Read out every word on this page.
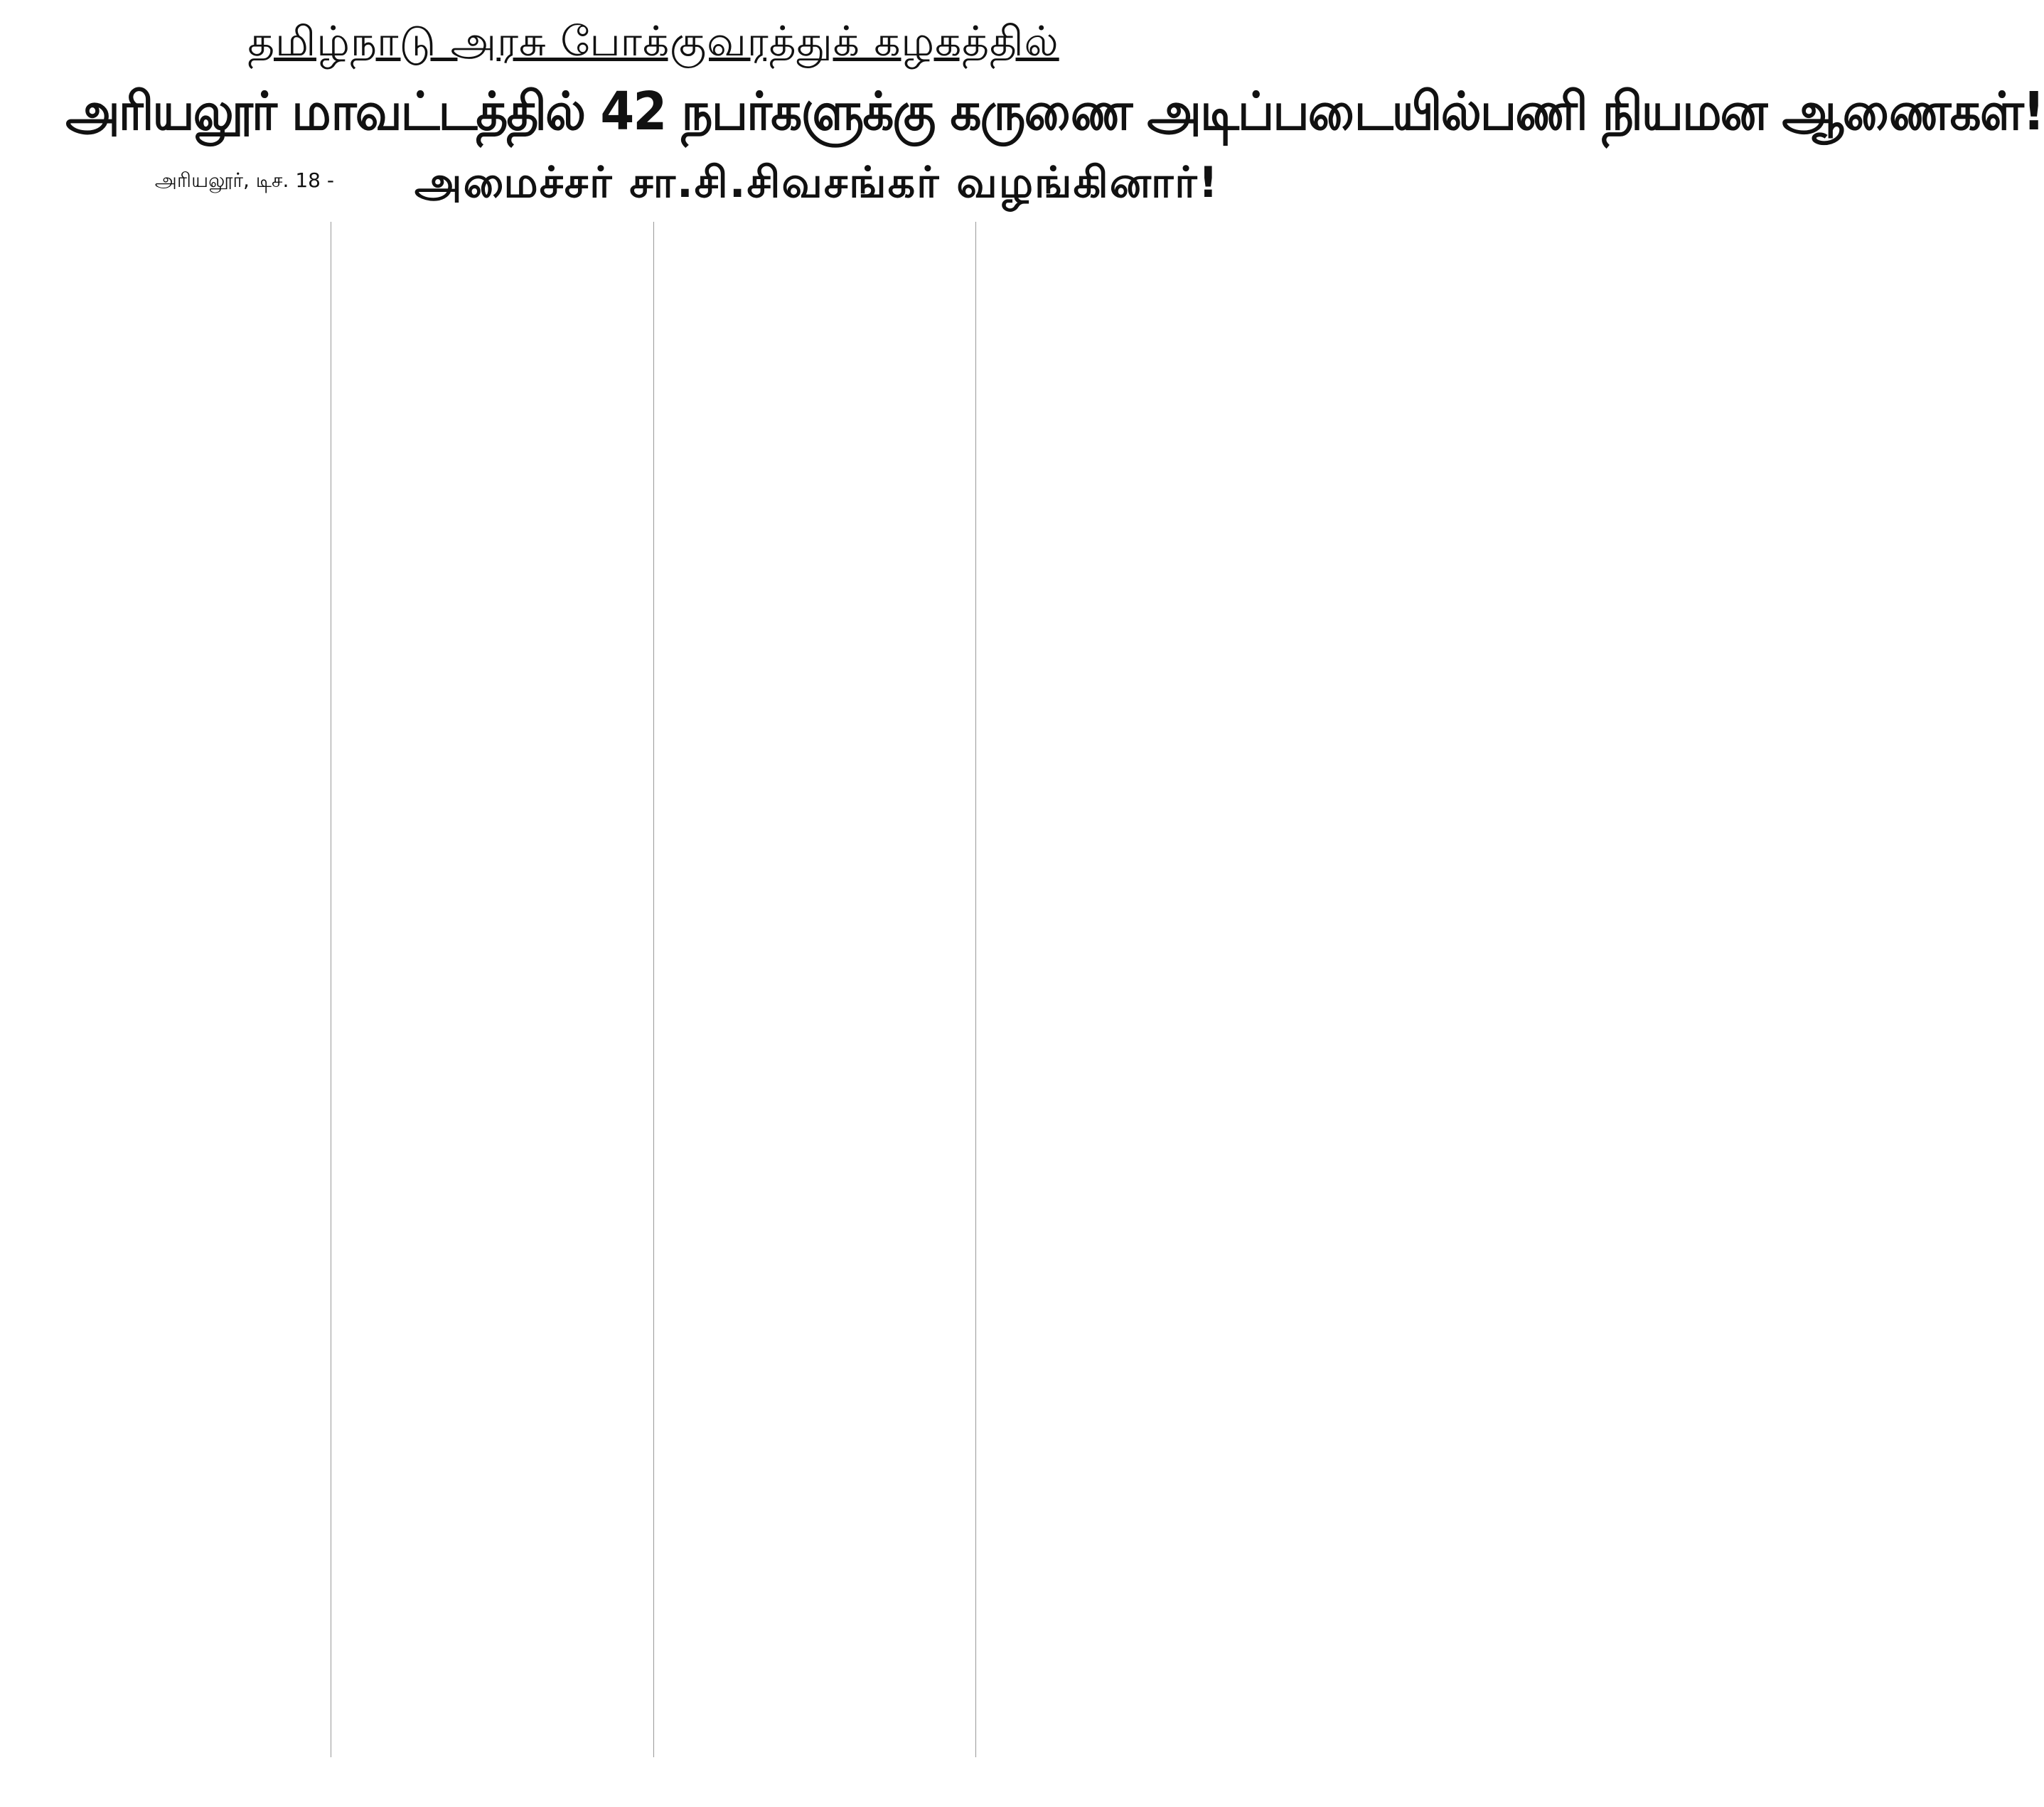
தமிழ்நாடு அரசு போக்குவரத்துக் கழகத்தில்
அரியலூர் மாவட்டத்தில் 42 நபர்களுக்கு கருணை அடிப்படையில்பணி நியமன ஆணைகள்!
அரியலூர், டிச. 18 -	அமைச்சர் சா.சி.சிவசங்கர் வழங்கினார்!
